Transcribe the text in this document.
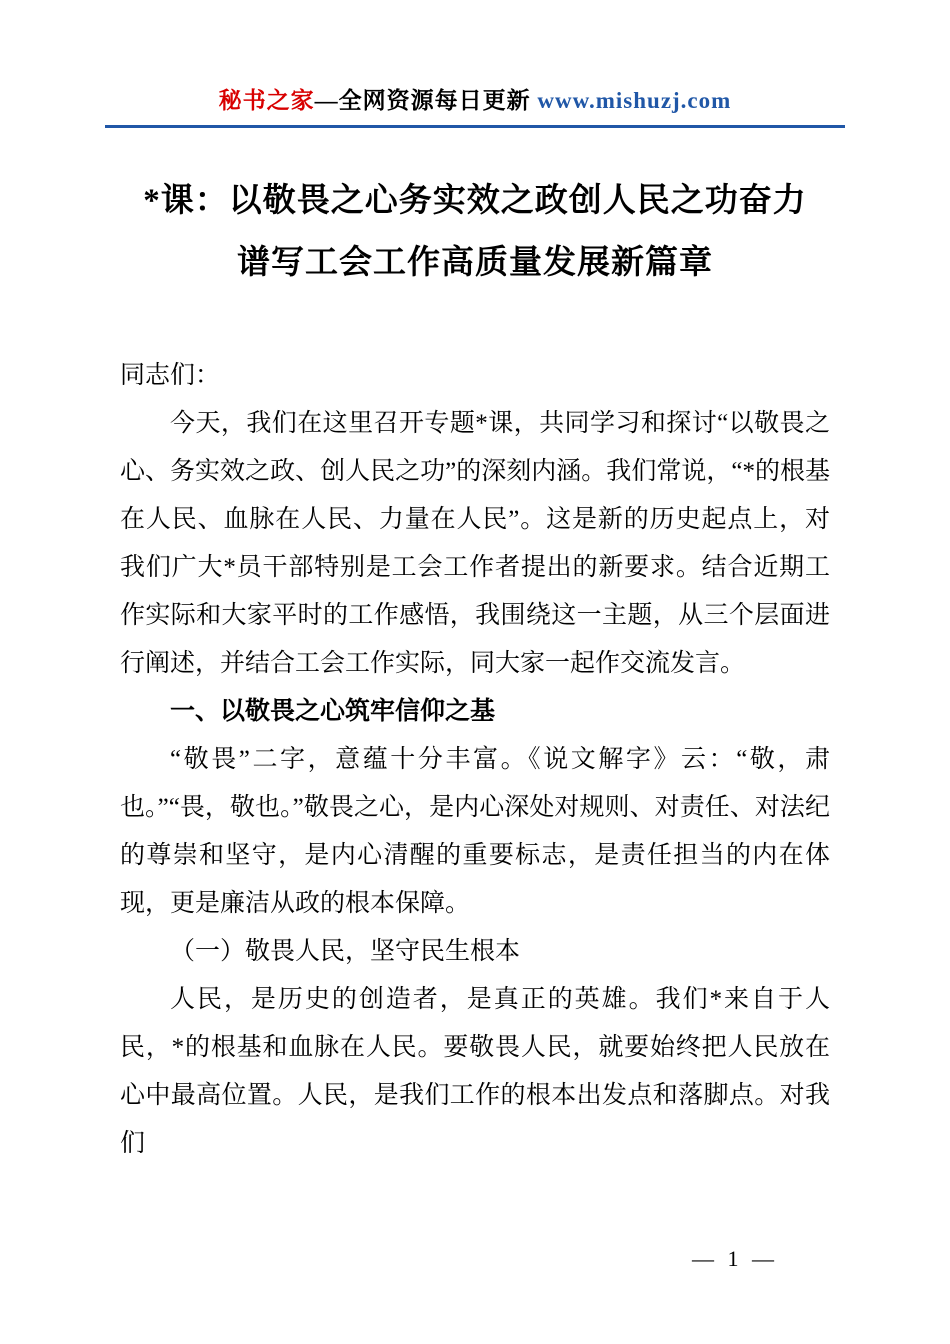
秘书之家—全网资源每日更新 www.mishuzj.com
*课：以敬畏之心务实效之政创人民之功奋力
谱写工会工作高质量发展新篇章

同志们：

今天，我们在这里召开专题*课，共同学习和探讨“以敬畏之心、务实效之政、创人民之功”的深刻内涵。我们常说，“*的根基在人民、血脉在人民、力量在人民”。这是新的历史起点上，对我们广大*员干部特别是工会工作者提出的新要求。结合近期工作实际和大家平时的工作感悟，我围绕这一主题，从三个层面进行阐述，并结合工会工作实际，同大家一起作交流发言。

一、以敬畏之心筑牢信仰之基

“敬畏”二字，意蕴十分丰富。《说文解字》云：“敬，肃也。”“畏，敬也。”敬畏之心，是内心深处对规则、对责任、对法纪的尊崇和坚守，是内心清醒的重要标志，是责任担当的内在体现，更是廉洁从政的根本保障。

（一）敬畏人民，坚守民生根本

人民，是历史的创造者，是真正的英雄。我们*来自于人民，*的根基和血脉在人民。要敬畏人民，就要始终把人民放在心中最高位置。人民，是我们工作的根本出发点和落脚点。对我们

— 1 —
